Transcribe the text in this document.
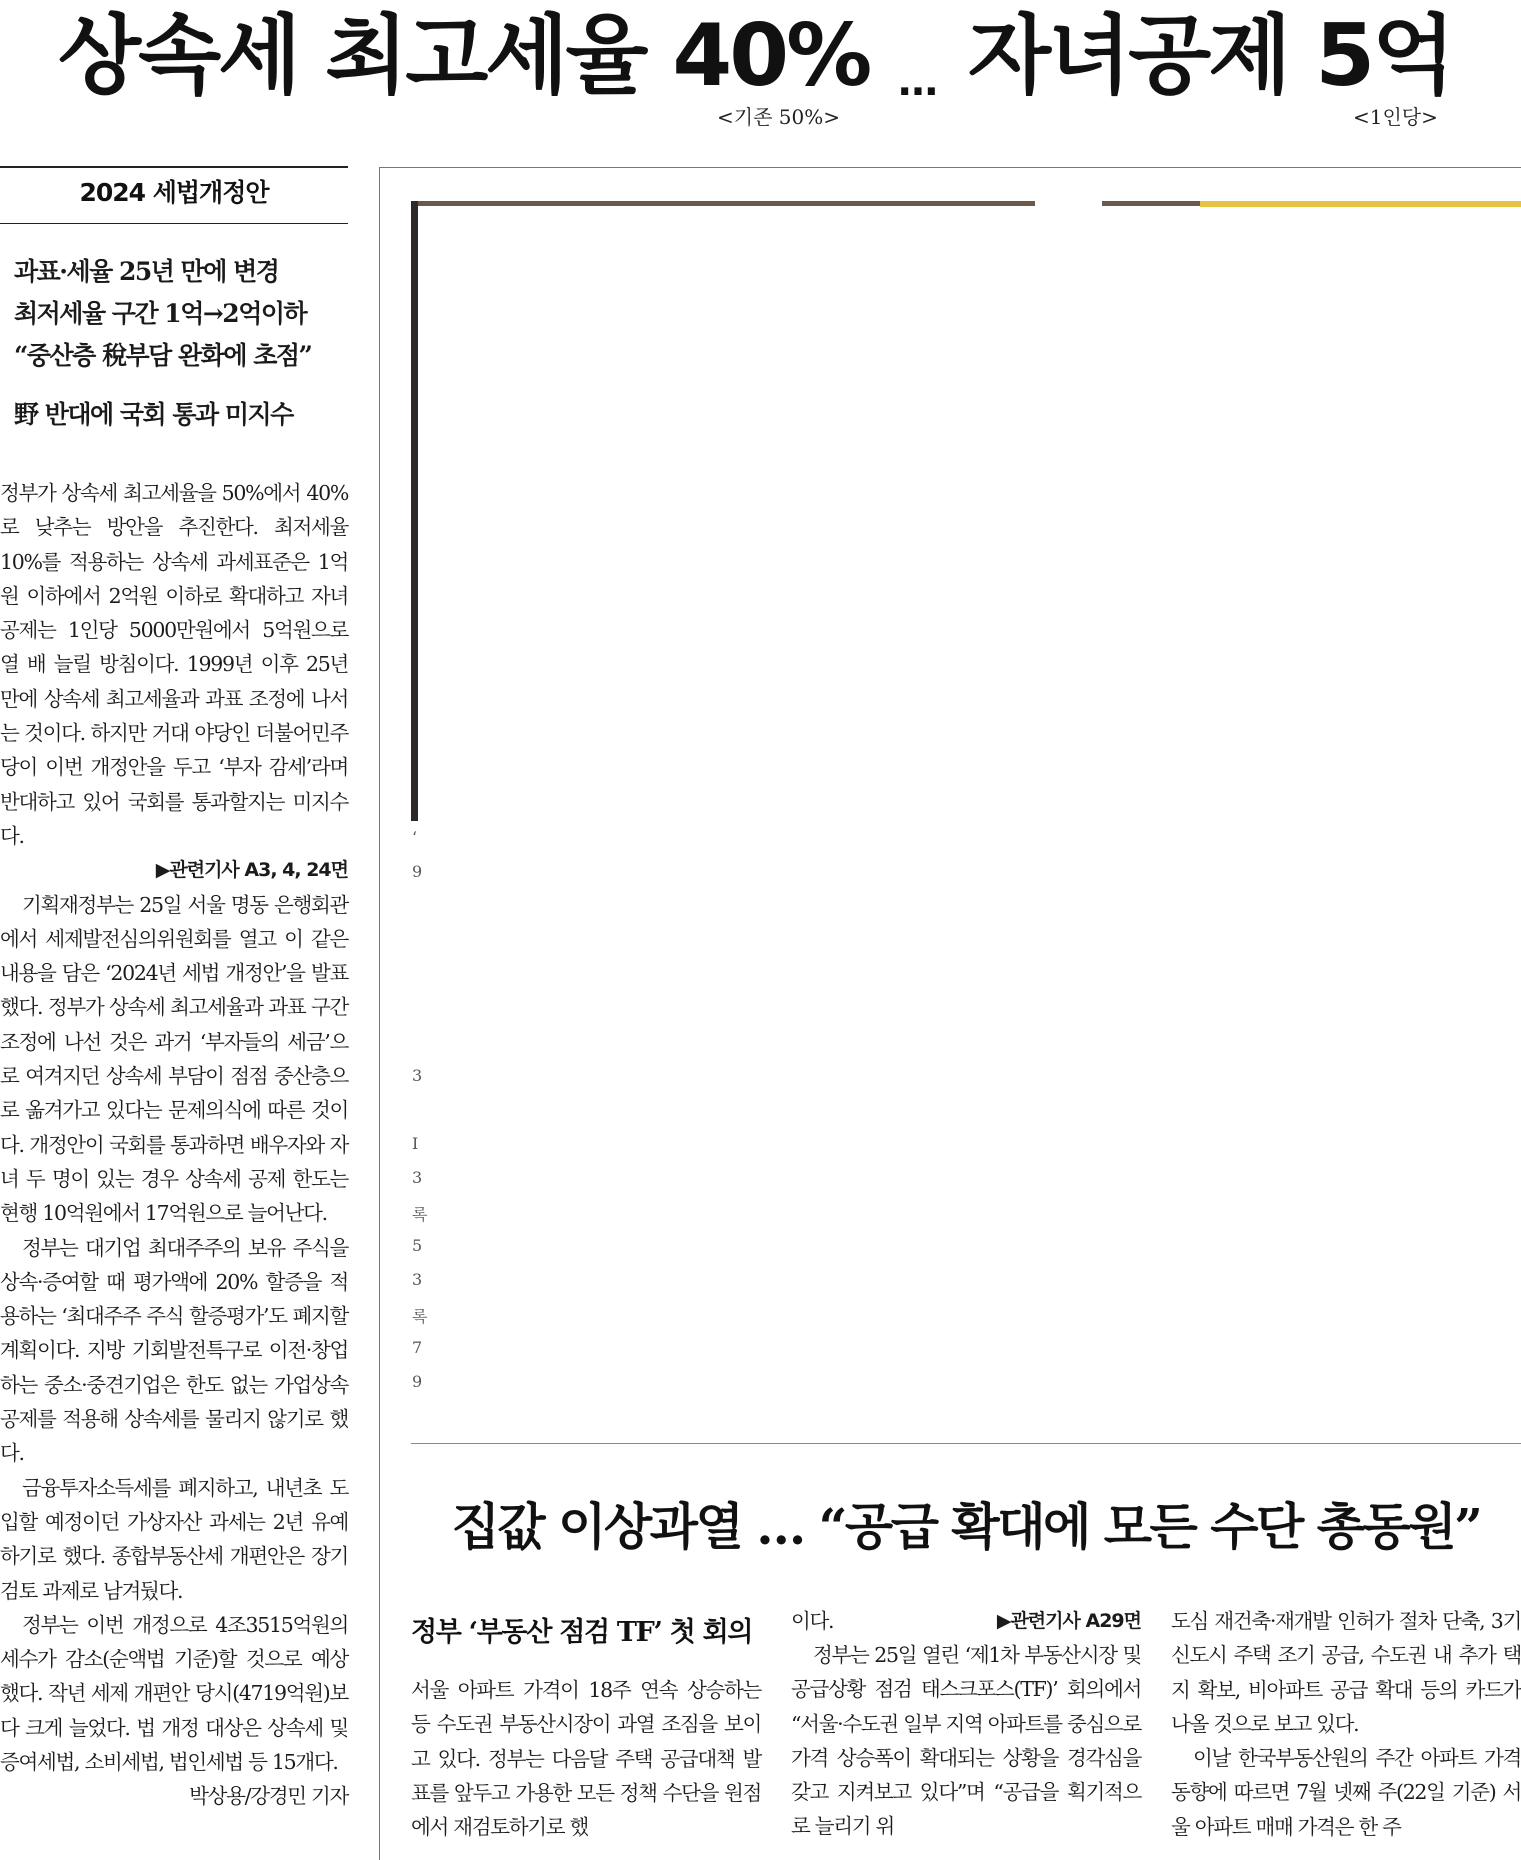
상속세 최고세율 40% … 자녀공제 5억
<기존 50%>	<1인당>
2024 세법개정안
과표·세율 25년 만에 변경
최저세율 구간 1억→2억이하
“중산층 稅부담 완화에 초점”
野 반대에 국회 통과 미지수

정부가 상속세 최고세율을 50%에서 40%로 낮추는 방안을 추진한다. 최저세율 10%를 적용하는 상속세 과세표준은 1억원 이하에서 2억원 이하로 확대하고 자녀 공제는 1인당 5000만원에서 5억원으로 열 배 늘릴 방침이다. 1999년 이후 25년 만에 상속세 최고세율과 과표 조정에 나서는 것이다. 하지만 거대 야당인 더불어민주당이 이번 개정안을 두고 ‘부자 감세’라며 반대하고 있어 국회를 통과할지는 미지수다.

▶관련기사 A3, 4, 24면

기획재정부는 25일 서울 명동 은행회관에서 세제발전심의위원회를 열고 이 같은 내용을 담은 ‘2024년 세법 개정안’을 발표했다. 정부가 상속세 최고세율과 과표 구간 조정에 나선 것은 과거 ‘부자들의 세금’으로 여겨지던 상속세 부담이 점점 중산층으로 옮겨가고 있다는 문제의식에 따른 것이다. 개정안이 국회를 통과하면 배우자와 자녀 두 명이 있는 경우 상속세 공제 한도는 현행 10억원에서 17억원으로 늘어난다.

정부는 대기업 최대주주의 보유 주식을 상속·증여할 때 평가액에 20% 할증을 적용하는 ‘최대주주 주식 할증평가’도 폐지할 계획이다. 지방 기회발전특구로 이전·창업하는 중소·중견기업은 한도 없는 가업상속공제를 적용해 상속세를 물리지 않기로 했다.

금융투자소득세를 폐지하고, 내년초 도입할 예정이던 가상자산 과세는 2년 유예하기로 했다. 종합부동산세 개편안은 장기 검토 과제로 남겨뒀다.

정부는 이번 개정으로 4조3515억원의 세수가 감소(순액법 기준)할 것으로 예상했다. 작년 세제 개편안 당시(4719억원)보다 크게 늘었다. 법 개정 대상은 상속세 및 증여세법, 소비세법, 법인세법 등 15개다.

박상용/강경민 기자

‘
9
3
I
3
록
5
3
록
7
9
집값 이상과열 … “공급 확대에 모든 수단 총동원”
정부 ‘부동산 점검 TF’ 첫 회의

서울 아파트 가격이 18주 연속 상승하는 등 수도권 부동산시장이 과열 조짐을 보이고 있다. 정부는 다음달 주택 공급대책 발표를 앞두고 가용한 모든 정책 수단을 원점에서 재검토하기로 했

이다.	▶관련기사 A29면

정부는 25일 열린 ‘제1차 부동산시장 및 공급상황 점검 태스크포스(TF)’ 회의에서 “서울·수도권 일부 지역 아파트를 중심으로 가격 상승폭이 확대되는 상황을 경각심을 갖고 지켜보고 있다”며 “공급을 획기적으로 늘리기 위

도심 재건축·재개발 인허가 절차 단축, 3기 신도시 주택 조기 공급, 수도권 내 추가 택지 확보, 비아파트 공급 확대 등의 카드가 나올 것으로 보고 있다.

이날 한국부동산원의 주간 아파트 가격 동향에 따르면 7월 넷째 주(22일 기준) 서울 아파트 매매 가격은 한 주
